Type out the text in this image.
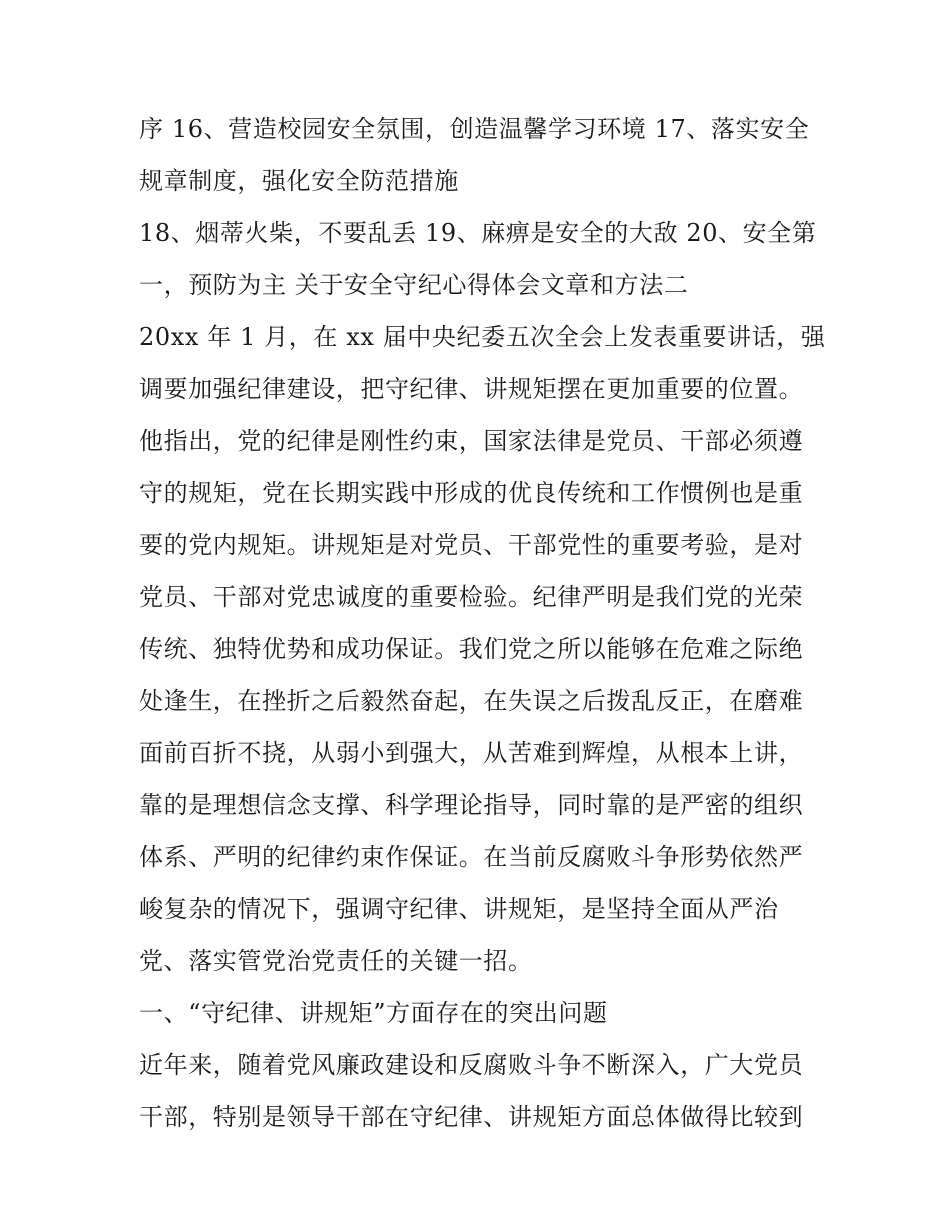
序 16、营造校园安全氛围，创造温馨学习环境 17、落实安全
规章制度，强化安全防范措施
18、烟蒂火柴，不要乱丢 19、麻痹是安全的大敌 20、安全第
一，预防为主 关于安全守纪心得体会文章和方法二
20xx 年 1 月，在 xx 届中央纪委五次全会上发表重要讲话，强
调要加强纪律建设，把守纪律、讲规矩摆在更加重要的位置。
他指出，党的纪律是刚性约束，国家法律是党员、干部必须遵
守的规矩，党在长期实践中形成的优良传统和工作惯例也是重
要的党内规矩。讲规矩是对党员、干部党性的重要考验，是对
党员、干部对党忠诚度的重要检验。纪律严明是我们党的光荣
传统、独特优势和成功保证。我们党之所以能够在危难之际绝
处逢生，在挫折之后毅然奋起，在失误之后拨乱反正，在磨难
面前百折不挠，从弱小到强大，从苦难到辉煌，从根本上讲，
靠的是理想信念支撑、科学理论指导，同时靠的是严密的组织
体系、严明的纪律约束作保证。在当前反腐败斗争形势依然严
峻复杂的情况下，强调守纪律、讲规矩，是坚持全面从严治
党、落实管党治党责任的关键一招。
一、“守纪律、讲规矩”方面存在的突出问题
近年来，随着党风廉政建设和反腐败斗争不断深入，广大党员
干部，特别是领导干部在守纪律、讲规矩方面总体做得比较到
